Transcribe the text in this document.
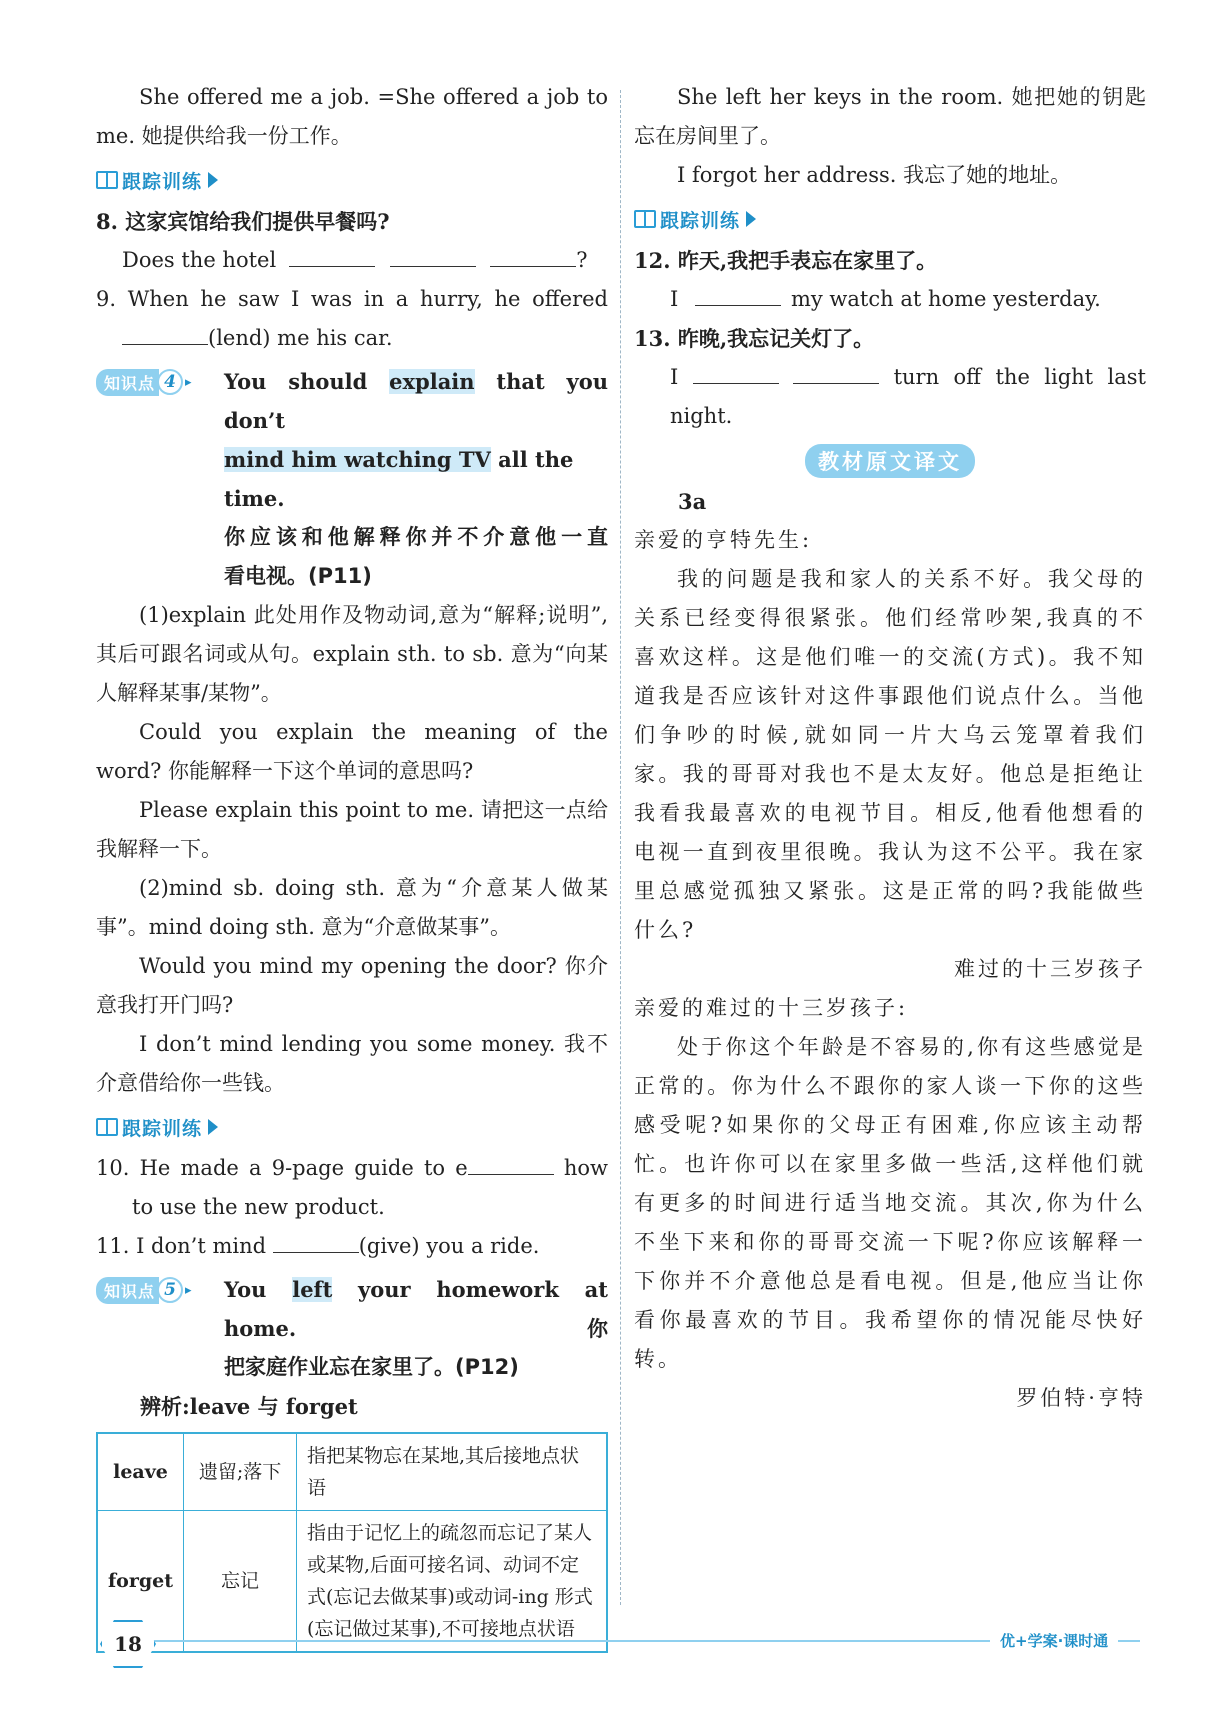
She offered me a job. =She offered a job to

me. 她提供给我一份工作。

跟踪训练

8. 这家宾馆给我们提供早餐吗?

Does the hotel	?

9. When he saw I was in a hurry, he offered

(lend) me his car.

知识点 4 ▸ You should explain that you don’t

mind him watching TV all the time.

你应该和他解释你并不介意他一直

看电视。(P11)

(1)explain 此处用作及物动词,意为“解释;说明”,其后可跟名词或从句。explain sth. to sb. 意为“向某人解释某事/某物”。

Could you explain the meaning of the word? 你能解释一下这个单词的意思吗?

Please explain this point to me. 请把这一点给我解释一下。

(2)mind sb. doing sth. 意为“介意某人做某事”。mind doing sth. 意为“介意做某事”。

Would you mind my opening the door? 你介意我打开门吗?

I don’t mind lending you some money. 我不介意借给你一些钱。

跟踪训练

10. He made a 9-page guide to e	how

to use the new product.

11. I don’t mind	(give) you a ride.

知识点 5 ▸ You left your homework at home. 你

把家庭作业忘在家里了。(P12)

辨析:leave 与 forget

leave	遗留;落下	指把某物忘在某地,其后接地点状语
forget	忘记	指由于记忆上的疏忽而忘记了某人或某物,后面可接名词、动词不定式(忘记去做某事)或动词-ing 形式(忘记做过某事),不可接地点状语

She left her keys in the room. 她把她的钥匙忘在房间里了。

I forgot her address. 我忘了她的地址。

跟踪训练

12. 昨天,我把手表忘在家里了。

I	my watch at home yesterday.

13. 昨晚,我忘记关灯了。

I	turn off the light last

night.

教材原文译文

3a

亲爱的亨特先生:

我的问题是我和家人的关系不好。我父母的关系已经变得很紧张。他们经常吵架,我真的不喜欢这样。这是他们唯一的交流(方式)。我不知道我是否应该针对这件事跟他们说点什么。当他们争吵的时候,就如同一片大乌云笼罩着我们家。我的哥哥对我也不是太友好。他总是拒绝让我看我最喜欢的电视节目。相反,他看他想看的电视一直到夜里很晚。我认为这不公平。我在家里总感觉孤独又紧张。这是正常的吗?我能做些什么?

难过的十三岁孩子

亲爱的难过的十三岁孩子:

处于你这个年龄是不容易的,你有这些感觉是正常的。你为什么不跟你的家人谈一下你的这些感受呢?如果你的父母正有困难,你应该主动帮忙。也许你可以在家里多做一些活,这样他们就有更多的时间进行适当地交流。其次,你为什么不坐下来和你的哥哥交流一下呢?你应该解释一下你并不介意他总是看电视。但是,他应当让你看你最喜欢的节目。我希望你的情况能尽快好转。

罗伯特·亨特

18	优+学案·课时通
